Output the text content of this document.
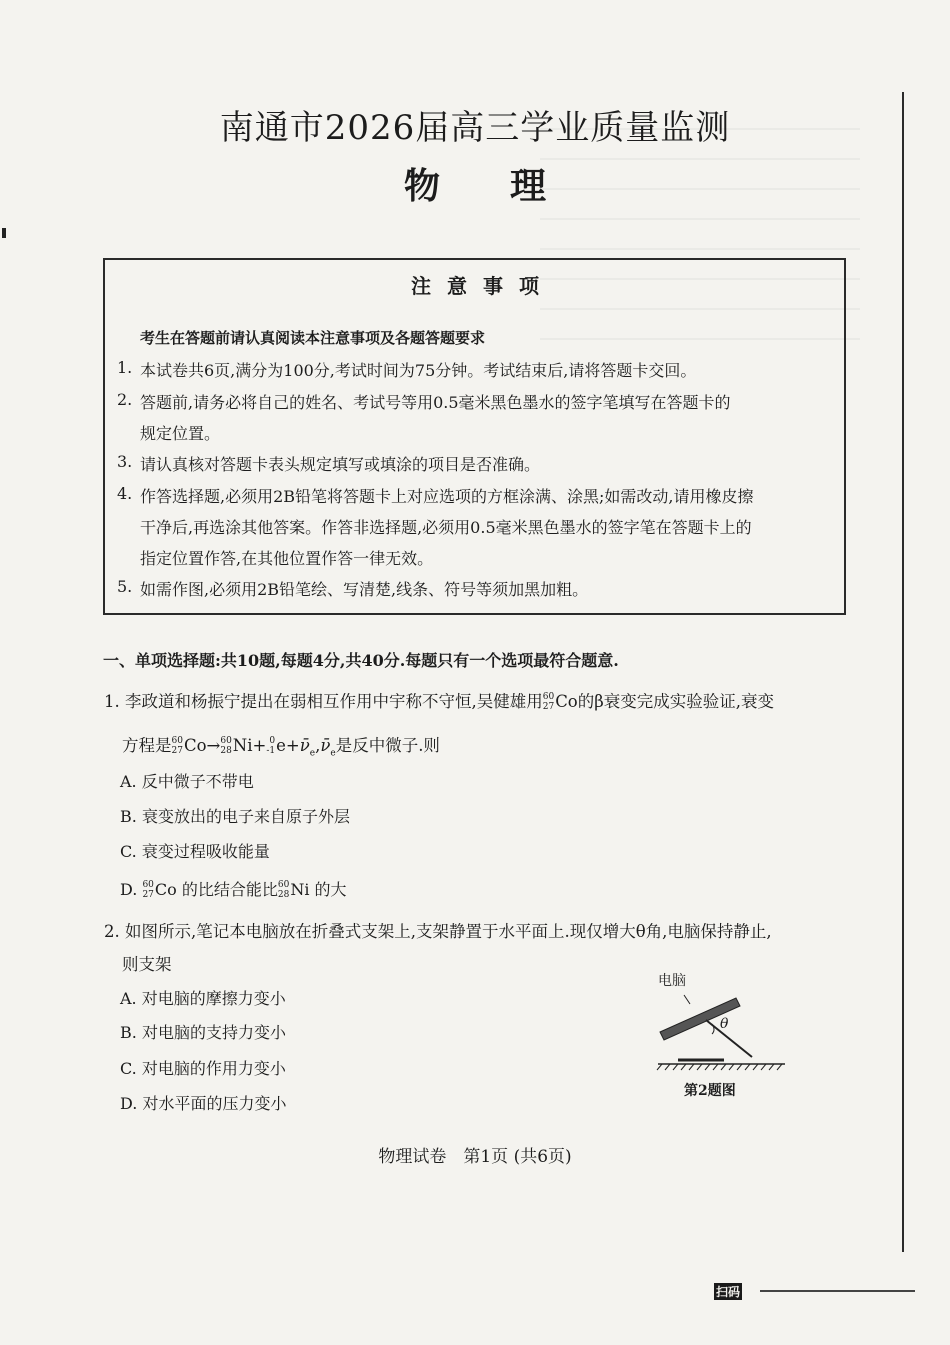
南通市2026届高三学业质量监测
物理
注意事项
考生在答题前请认真阅读本注意事项及各题答题要求
1. 本试卷共6页,满分为100分,考试时间为75分钟。考试结束后,请将答题卡交回。
2. 答题前,请务必将自己的姓名、考试号等用0.5毫米黑色墨水的签字笔填写在答题卡的
规定位置。
3. 请认真核对答题卡表头规定填写或填涂的项目是否准确。
4. 作答选择题,必须用2B铅笔将答题卡上对应选项的方框涂满、涂黑;如需改动,请用橡皮擦
干净后,再选涂其他答案。作答非选择题,必须用0.5毫米黑色墨水的签字笔在答题卡上的
指定位置作答,在其他位置作答一律无效。
5. 如需作图,必须用2B铅笔绘、写清楚,线条、符号等须加黑加粗。
一、单项选择题:共10题,每题4分,共40分.每题只有一个选项最符合题意.
1. 李政道和杨振宁提出在弱相互作用中宇称不守恒,吴健雄用 60
27 Co的β衰变完成实验验证,衰变
方程是 60
27 Co→ 60
28 Ni+ 0
-1 $e+\nū_e,\nū_e$是反中微子.则
A. 反中微子不带电
B. 衰变放出的电子来自原子外层
C. 衰变过程吸收能量
D. 60
27 Co 的比结合能比 60
28 Ni 的大
2. 如图所示,笔记本电脑放在折叠式支架上,支架静置于水平面上.现仅增大θ角,电脑保持静止,
则支架
A. 对电脑的摩擦力变小
B. 对电脑的支持力变小
C. 对电脑的作用力变小
D. 对水平面的压力变小
电脑
θ
第2题图
物理试卷　第1页 (共6页)
扫码
